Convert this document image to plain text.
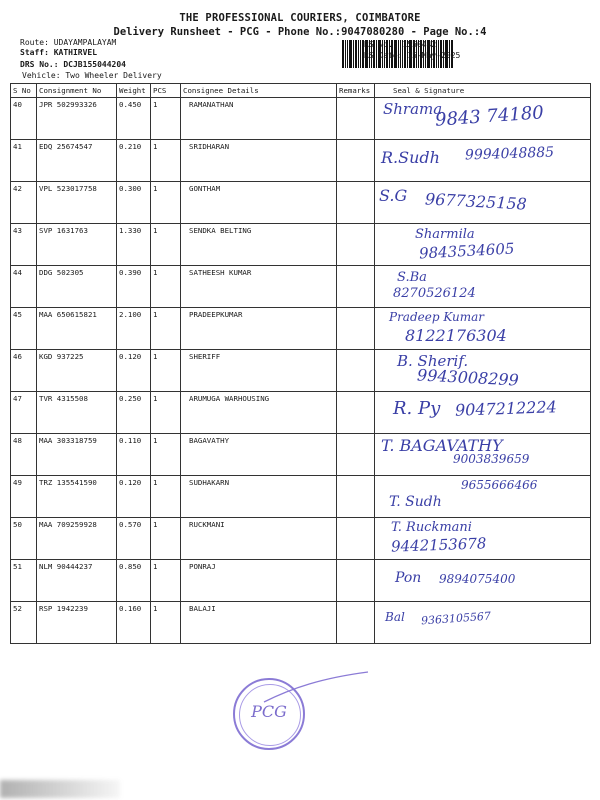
THE PROFESSIONAL COURIERS, COIMBATORE
Delivery Runsheet - PCG - Phone No.:9047080280 - Page No.:4
Route: UDAYAMPALAYAM
Staff: KATHIRVEL
DRS No.: DCJB155044204
Vehicle: Two Wheeler Delivery
RS No.: 1550442
RS Date: 15-May-2025
S No	Consignment No	Weight	PCS	Consignee Details	Remarks	Seal & Signature
40	JPR 502993326	0.450	1	RAMANATHAN		Shrama
9843 74180

41	EDQ 25674547	0.210	1	SRIDHARAN		R.Sudh 9994048885

42	VPL 523017758	0.300	1	GONTHAM		S.G 9677325158

43	SVP 1631763	1.330	1	SENDKA BELTING		Sharmila
9843534605

44	DDG 502305	0.390	1	SATHEESH KUMAR		S.Ba
8270526124

45	MAA 650615821	2.100	1	PRADEEPKUMAR		Pradeep Kumar
8122176304

46	KGD 937225	0.120	1	SHERIFF		B. Sherif.
9943008299

47	TVR 4315508	0.250	1	ARUMUGA WARHOUSING		R. Py 9047212224

48	MAA 303318759	0.110	1	BAGAVATHY		T. BAGAVATHY
9003839659

49	TRZ 135541590	0.120	1	SUDHAKARN		T. Sudh
9655666466

50	MAA 709259928	0.570	1	RUCKMANI		T. Ruckmani
9442153678

51	NLM 90444237	0.850	1	PONRAJ		Pon 9894075400

52	RSP 1942239	0.160	1	BALAJI		Bal 9363105567
PCG
